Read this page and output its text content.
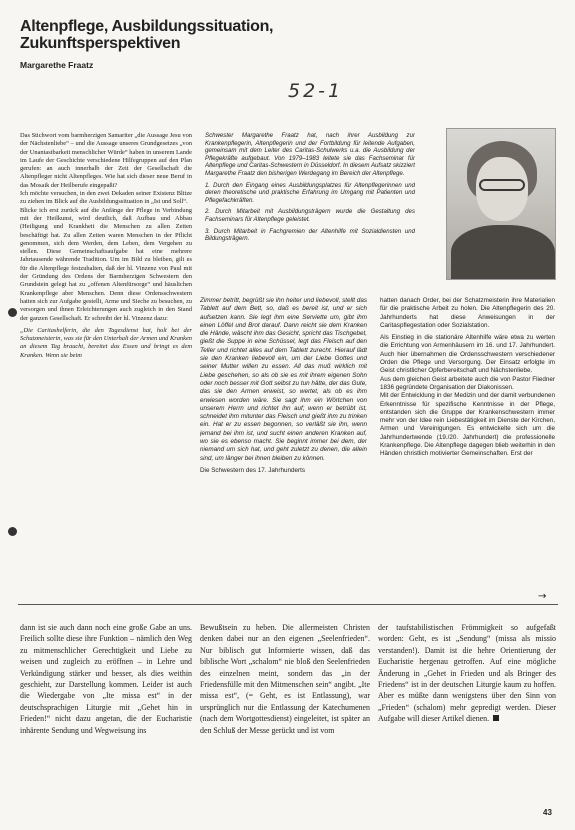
Altenpflege, Ausbildungssituation, Zukunftsperspektiven
Margarethe Fraatz
52-1

Das Stichwort vom barmherzigen Samariter „die Aussage Jesu von der Nächstenliebe“ – und die Aussage unseres Grundgesetzes „von der Unantastbarkeit menschlicher Würde“ haben in unserem Lande im Laufe der Geschichte verschiedene Hilfegruppen auf den Plan gerufen: an auch innerhalb der Zeit der Gesellschaft die Altenpfleger nicht Altenpfleges. Wie hat sich dieser neue Beruf in das Mosaik der Heilberufe eingepaßt?

Ich möchte versuchen, in den zwei Dekaden seiner Existenz Blitze zu ziehen im Blick auf die Ausbildungssituation in „Ist und Soll“.

Blicke ich erst zurück auf die Anfänge der Pflege in Verbindung mit der Heilkunst, wird deutlich, daß Aufbau und Abbau (Heiligung und Krankheit die Menschen zu allen Zeiten beschäftigt hat. Zu allen Zeiten waren Menschen in der Pflicht genommen, sich dem Werden, dem Leben, dem Vergehen zu stellen. Diese Gemeinschaftsaufgabe hat eine mehrere Jahrtausende währende Tradition. Um im Bild zu bleiben, gilt es für die Altenpflege festzuhalten, daß der hl. Vinzenz von Paul mit der Gründung des Ordens der Barmherzigen Schwestern den Grundstein gelegt hat zu „offenen Altenfürsorge“ und häuslichen Krankenpflege aber Menschen. Denn diese Ordensschwestern hatten sich zur Aufgabe gestellt, Arme und Sieche zu besuchen, zu versorgen und ihnen Erleichterungen auch zugleich in den Stand der ganzen Gesellschaft. Er schreibt der hl. Vinzenz dazu:

„Die Caritashelferin, die den Tagesdienst hat, holt bei der Schutzmeisterin, was sie für den Unterhalt der Armen und Kranken an diesem Tag braucht, bereitet das Essen und bringt es dem Kranken. Wenn sie beim

Schwester Margarethe Fraatz hat, nach ihrer Ausbildung zur Krankenpflegerin, Altenpflegerin und der Fortbildung für leitende Aufgaben, gemeinsam mit dem Leiter des Caritas-Schulwerks u.a. die Ausbildung der Pflegekräfte aufgebaut. Von 1979–1983 leitete sie das Fachseminar für Altenpflege und Caritas-Schwestern in Düsseldorf. In diesem Aufsatz skizziert Margarethe Fraatz den bisherigen Werdegang im Bereich der Altenpflege.

1. Durch den Eingang eines Ausbildungsplatzes für Altenpflegerinnen und deren theoretische und praktische Erfahrung im Umgang mit Patienten und Pflegefachkräften.

2. Durch Mitarbeit mit Ausbildungsträgern wurde die Gestaltung des Fachseminars für Altenpflege geleistet.

3. Durch Mitarbeit in Fachgremien der Altenhilfe mit Sozialdiensten und Bildungsträgern.

Zimmer betritt, begrüßt sie ihn heiter und liebevoll, stellt das Tablett auf dem Bett, so, daß es bereit ist, und er sich aufsetzen kann. Sie legt ihm eine Serviette um, gibt ihm einen Löffel und Brot darauf. Dann reicht sie dem Kranken die Hände, wäscht ihm das Gesicht, spricht das Tischgebet, gießt die Suppe in eine Schüssel, legt das Fleisch auf den Teller und richtet alles auf dem Tablett zurecht. Hierauf lädt sie den Kranken liebevoll ein, um der Liebe Gottes und seiner Mutter willen zu essen. All das muß wirklich mit Liebe geschehen, so als ob sie es mit ihrem eigenen Sohn oder noch besser mit Gott selbst zu tun hätte, der das Gute, das sie den Armen erweist, so wertet, als ob es ihm erwiesen worden wäre. Sie sagt ihm ein Wörtchen von unserem Herrn und richtet ihn auf; wenn er betrübt ist, schneidet ihm mitunter das Fleisch und gießt ihm zu trinken ein. Hat er zu essen begonnen, so verläßt sie ihn, wenn jemand bei ihm ist, und sucht einen anderen Kranken auf, wo sie es ebenso macht. Sie beginnt immer bei dem, der niemand um sich hat, und geht zuletzt zu denen, die allein sind, um länger bei ihnen bleiben zu können.

Die Schwestern des 17. Jahrhunderts

hatten danach Order, bei der Schatzmeisterin ihre Materialien für die praktische Arbeit zu holen. Die Altenpflegerin des 20. Jahrhunderts hat diese Anweisungen in der Caritaspflegestation oder Sozialstation.

Als Einstieg in die stationäre Altenhilfe wäre etwa zu werten die Errichtung von Armenhäusern im 16. und 17. Jahrhundert. Auch hier übernahmen die Ordensschwestern verschiedener Orden die Pflege und Versorgung. Der Einsatz erfolgte im Geist christlicher Opferbereitschaft und Nächstenliebe.

Aus dem gleichen Geist arbeitete auch die von Pastor Fliedner 1836 gegründete Organisation der Diakonissen.

Mit der Entwicklung in der Medizin und der damit verbundenen Erkenntnisse für spezifische Kenntnisse in der Pflege, entstanden sich die Gruppe der Krankenschwestern immer mehr von der Idee rein Liebestätigkeit im Dienste der Kirchen, Armen und Vereinigungen. Es entwickelte sich um die Jahrhundertwende (19./20. Jahrhundert) die professionelle Krankenpflege. Die Altenpflege dagegen blieb weiterhin in den Händen christlich motivierter Gemeinschaften. Erst der

→

dann ist sie auch dann noch eine große Gabe an uns. Freilich sollte diese ihre Funktion – nämlich den Weg zu mitmenschlicher Gerechtigkeit und Liebe zu weisen und zugleich zu eröffnen – in Lehre und Verkündigung stärker und besser, als dies weithin geschieht, zur Darstellung kommen. Leider ist auch die Wiedergabe von „Ite missa est“ in der deutschsprachigen Liturgie mit „Gehet hin in Frieden!“ nicht dazu angetan, die der Eucharistie inhärente Sendung und Wegweisung ins

Bewußtsein zu heben. Die allermeisten Christen denken dabei nur an den eigenen „Seelenfrieden“. Nur biblisch gut Informierte wissen, daß das biblische Wort „schalom“ nie bloß den Seelenfrieden des einzelnen meint, sondern das „in der Friedensfülle mit den Mitmenschen sein“ angibt. „Ite missa est“, (= Geht, es ist Entlassung), war ursprünglich nur die Entlassung der Katechumenen (nach dem Wortgottesdienst) eingeleitet, ist später an den Schluß der Messe gerückt und ist vom

der taufstabilistischen Frömmigkeit so aufgefaßt worden: Geht, es ist „Sendung“ (missa als missio verstanden!). Damit ist die hehre Orientierung der Eucharistie hergenau getroffen. Auf eine mögliche Änderung in „Gehet in Frieden und als Bringer des Friedens“ ist in der deutschen Liturgie kaum zu hoffen. Aber es müßte dann wenigstens über den Sinn von „Frieden“ (schalom) mehr gepredigt werden. Dieser Aufgabe will dieser Artikel dienen.

43
